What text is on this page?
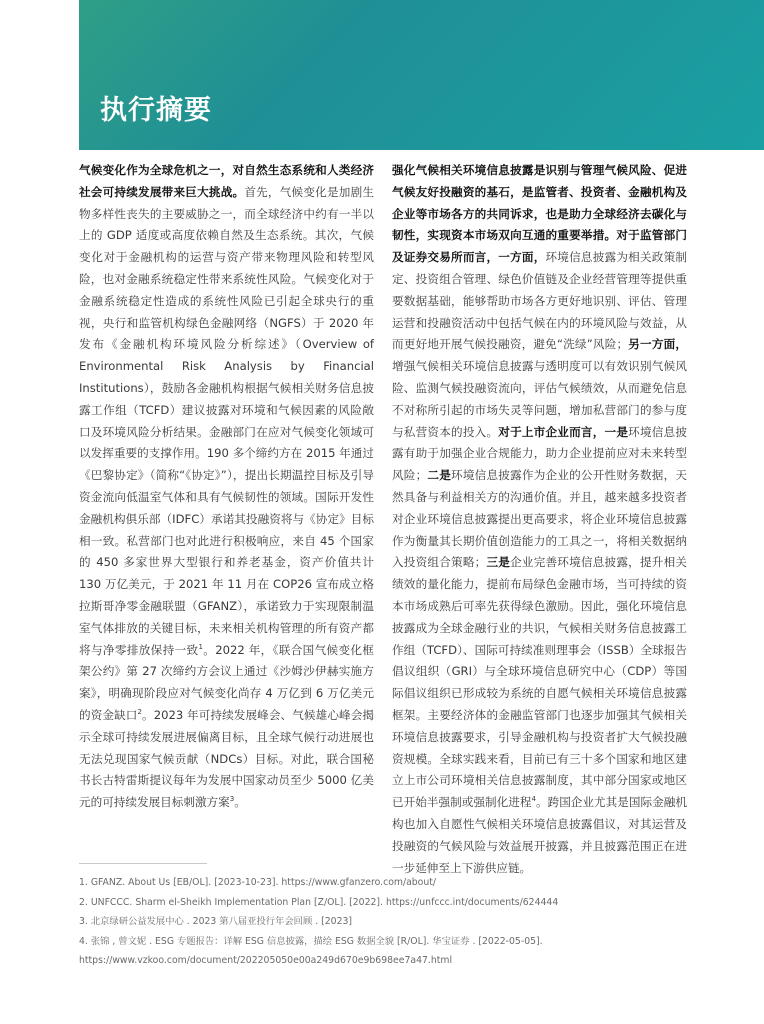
执行摘要

气候变化作为全球危机之一，对自然生态系统和人类经济社会可持续发展带来巨大挑战。首先，气候变化是加剧生物多样性丧失的主要威胁之一，而全球经济中约有一半以上的 GDP 适度或高度依赖自然及生态系统。其次，气候变化对于金融机构的运营与资产带来物理风险和转型风险，也对金融系统稳定性带来系统性风险。气候变化对于金融系统稳定性造成的系统性风险已引起全球央行的重视，央行和监管机构绿色金融网络（NGFS）于 2020 年发布《金融机构环境风险分析综述》（Overview of Environmental Risk Analysis by Financial Institutions），鼓励各金融机构根据气候相关财务信息披露工作组（TCFD）建议披露对环境和气候因素的风险敞口及环境风险分析结果。金融部门在应对气候变化领域可以发挥重要的支撑作用。190 多个缔约方在 2015 年通过《巴黎协定》（简称“《协定》”），提出长期温控目标及引导资金流向低温室气体和具有气候韧性的领域。国际开发性金融机构俱乐部（IDFC）承诺其投融资将与《协定》目标相一致。私营部门也对此进行积极响应，来自 45 个国家的 450 多家世界大型银行和养老基金，资产价值共计 130 万亿美元，于 2021 年 11 月在 COP26 宣布成立格拉斯哥净零金融联盟（GFANZ），承诺致力于实现限制温室气体排放的关键目标，未来相关机构管理的所有资产都将与净零排放保持一致$^1$。2022 年，《联合国气候变化框架公约》第 27 次缔约方会议上通过《沙姆沙伊赫实施方案》，明确现阶段应对气候变化尚存 4 万亿到 6 万亿美元的资金缺口$^2$。2023 年可持续发展峰会、气候雄心峰会揭示全球可持续发展进展偏离目标，且全球气候行动进展也无法兑现国家气候贡献（NDCs）目标。对此，联合国秘书长古特雷斯提议每年为发展中国家动员至少 5000 亿美元的可持续发展目标刺激方案$^3$。

强化气候相关环境信息披露是识别与管理气候风险、促进气候友好投融资的基石，是监管者、投资者、金融机构及企业等市场各方的共同诉求，也是助力全球经济去碳化与韧性，实现资本市场双向互通的重要举措。对于监管部门及证券交易所而言，一方面，环境信息披露为相关政策制定、投资组合管理、绿色价值链及企业经营管理等提供重要数据基础，能够帮助市场各方更好地识别、评估、管理运营和投融资活动中包括气候在内的环境风险与效益，从而更好地开展气候投融资，避免“洗绿”风险；另一方面，增强气候相关环境信息披露与透明度可以有效识别气候风险、监测气候投融资流向，评估气候绩效，从而避免信息不对称所引起的市场失灵等问题，增加私营部门的参与度与私营资本的投入。对于上市企业而言，一是环境信息披露有助于加强企业合规能力，助力企业提前应对未来转型风险；二是环境信息披露作为企业的公开性财务数据，天然具备与利益相关方的沟通价值。并且，越来越多投资者对企业环境信息披露提出更高要求，将企业环境信息披露作为衡量其长期价值创造能力的工具之一，将相关数据纳入投资组合策略；三是企业完善环境信息披露，提升相关绩效的量化能力，提前布局绿色金融市场，当可持续的资本市场成熟后可率先获得绿色激励。因此，强化环境信息披露成为全球金融行业的共识，气候相关财务信息披露工作组（TCFD）、国际可持续准则理事会（ISSB）全球报告倡议组织（GRI）与全球环境信息研究中心（CDP）等国际倡议组织已形成较为系统的自愿气候相关环境信息披露框架。主要经济体的金融监管部门也逐步加强其气候相关环境信息披露要求，引导金融机构与投资者扩大气候投融资规模。全球实践来看，目前已有三十多个国家和地区建立上市公司环境相关信息披露制度，其中部分国家或地区已开始半强制或强制化进程$^4$。跨国企业尤其是国际金融机构也加入自愿性气候相关环境信息披露倡议，对其运营及投融资的气候风险与效益展开披露，并且披露范围正在进一步延伸至上下游供应链。

1. GFANZ. About Us [EB/OL]. [2023-10-23]. https://www.gfanzero.com/about/
2. UNFCCC. Sharm el-Sheikh Implementation Plan [Z/OL]. [2022]. https://unfccc.int/documents/624444
3. 北京绿研公益发展中心 . 2023 第八届亚投行年会回顾 . [2023]
4. 张锦 , 曾文妮 . ESG 专题报告：详解 ESG 信息披露，描绘 ESG 数据全貌 [R/OL]. 华宝证券 . [2022-05-05]. https://www.vzkoo.com/document/202205050e00a249d670e9b698ee7a47.html
